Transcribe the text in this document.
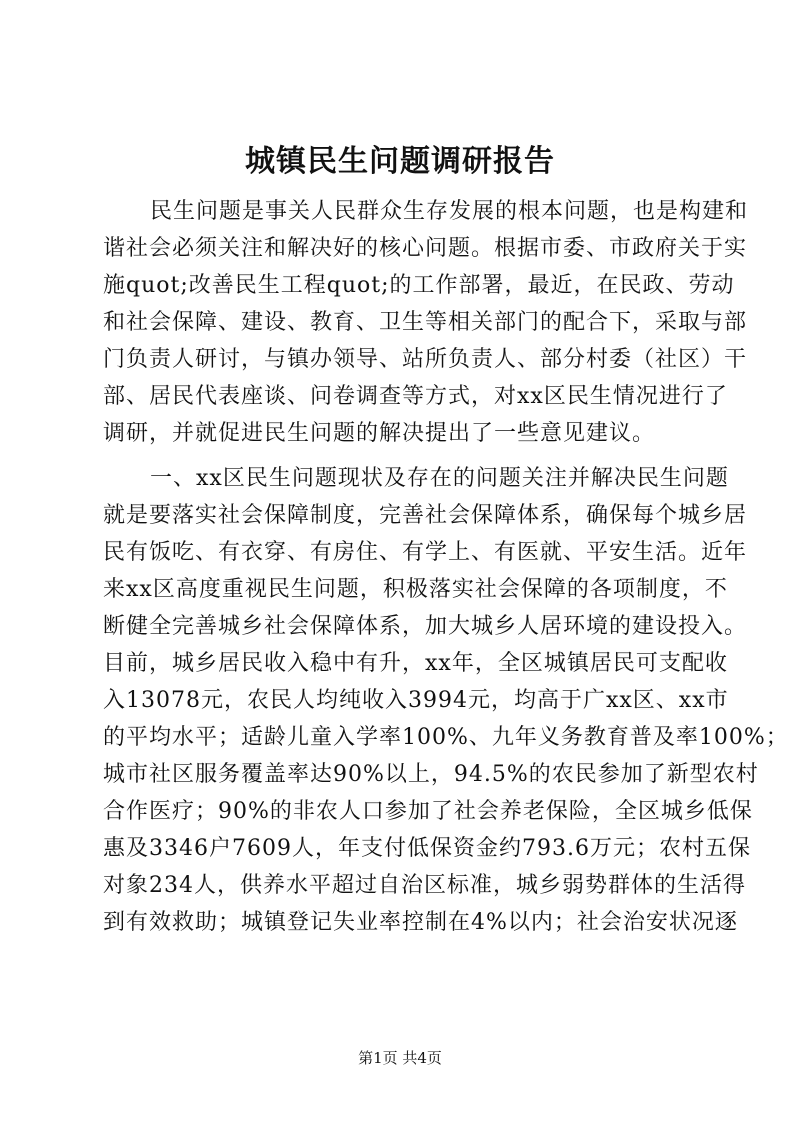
城镇民生问题调研报告
民生问题是事关人民群众生存发展的根本问题，也是构建和
谐社会必须关注和解决好的核心问题。根据市委、市政府关于实
施quot;改善民生工程quot;的工作部署，最近，在民政、劳动
和社会保障、建设、教育、卫生等相关部门的配合下，采取与部
门负责人研讨，与镇办领导、站所负责人、部分村委（社区）干
部、居民代表座谈、问卷调查等方式，对xx区民生情况进行了
调研，并就促进民生问题的解决提出了一些意见建议。
一、xx区民生问题现状及存在的问题关注并解决民生问题
就是要落实社会保障制度，完善社会保障体系，确保每个城乡居
民有饭吃、有衣穿、有房住、有学上、有医就、平安生活。近年
来xx区高度重视民生问题，积极落实社会保障的各项制度，不
断健全完善城乡社会保障体系，加大城乡人居环境的建设投入。
目前，城乡居民收入稳中有升，xx年，全区城镇居民可支配收
入13078元，农民人均纯收入3994元，均高于广xx区、xx市
的平均水平；适龄儿童入学率100%、九年义务教育普及率100%；
城市社区服务覆盖率达90%以上，94.5%的农民参加了新型农村
合作医疗；90%的非农人口参加了社会养老保险，全区城乡低保
惠及3346户7609人，年支付低保资金约793.6万元；农村五保
对象234人，供养水平超过自治区标准，城乡弱势群体的生活得
到有效救助；城镇登记失业率控制在4%以内；社会治安状况逐
第1页 共4页
